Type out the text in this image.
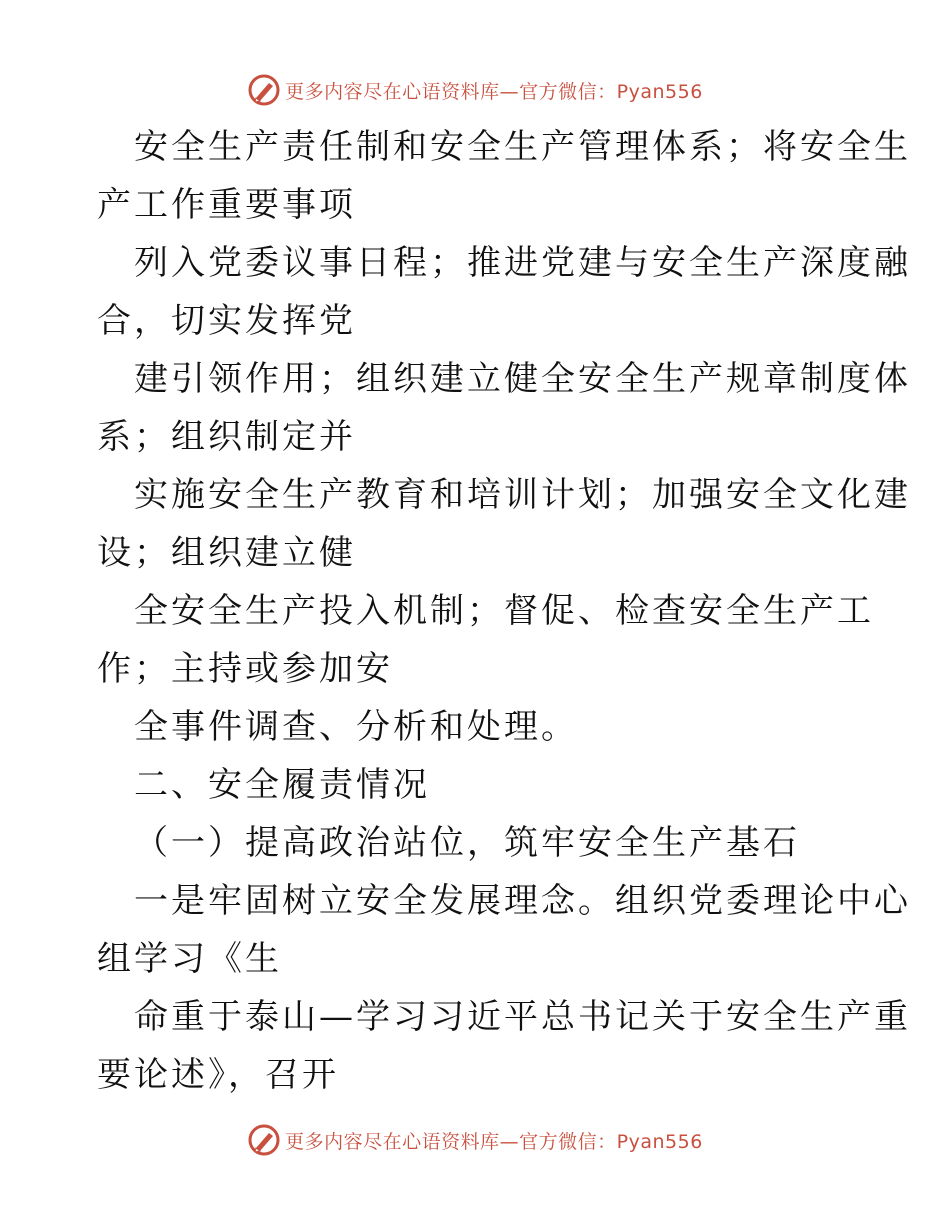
更多内容尽在心语资料库—官方微信：Pyan556
安全生产责任制和安全生产管理体系；将安全生
产工作重要事项
列入党委议事日程；推进党建与安全生产深度融
合，切实发挥党
建引领作用；组织建立健全安全生产规章制度体
系；组织制定并
实施安全生产教育和培训计划；加强安全文化建
设；组织建立健
全安全生产投入机制；督促、检查安全生产工
作；主持或参加安
全事件调查、分析和处理。
二、安全履责情况
（一）提高政治站位，筑牢安全生产基石
一是牢固树立安全发展理念。组织党委理论中心
组学习《生
命重于泰山—学习习近平总书记关于安全生产重
要论述》，召开
更多内容尽在心语资料库—官方微信：Pyan556
